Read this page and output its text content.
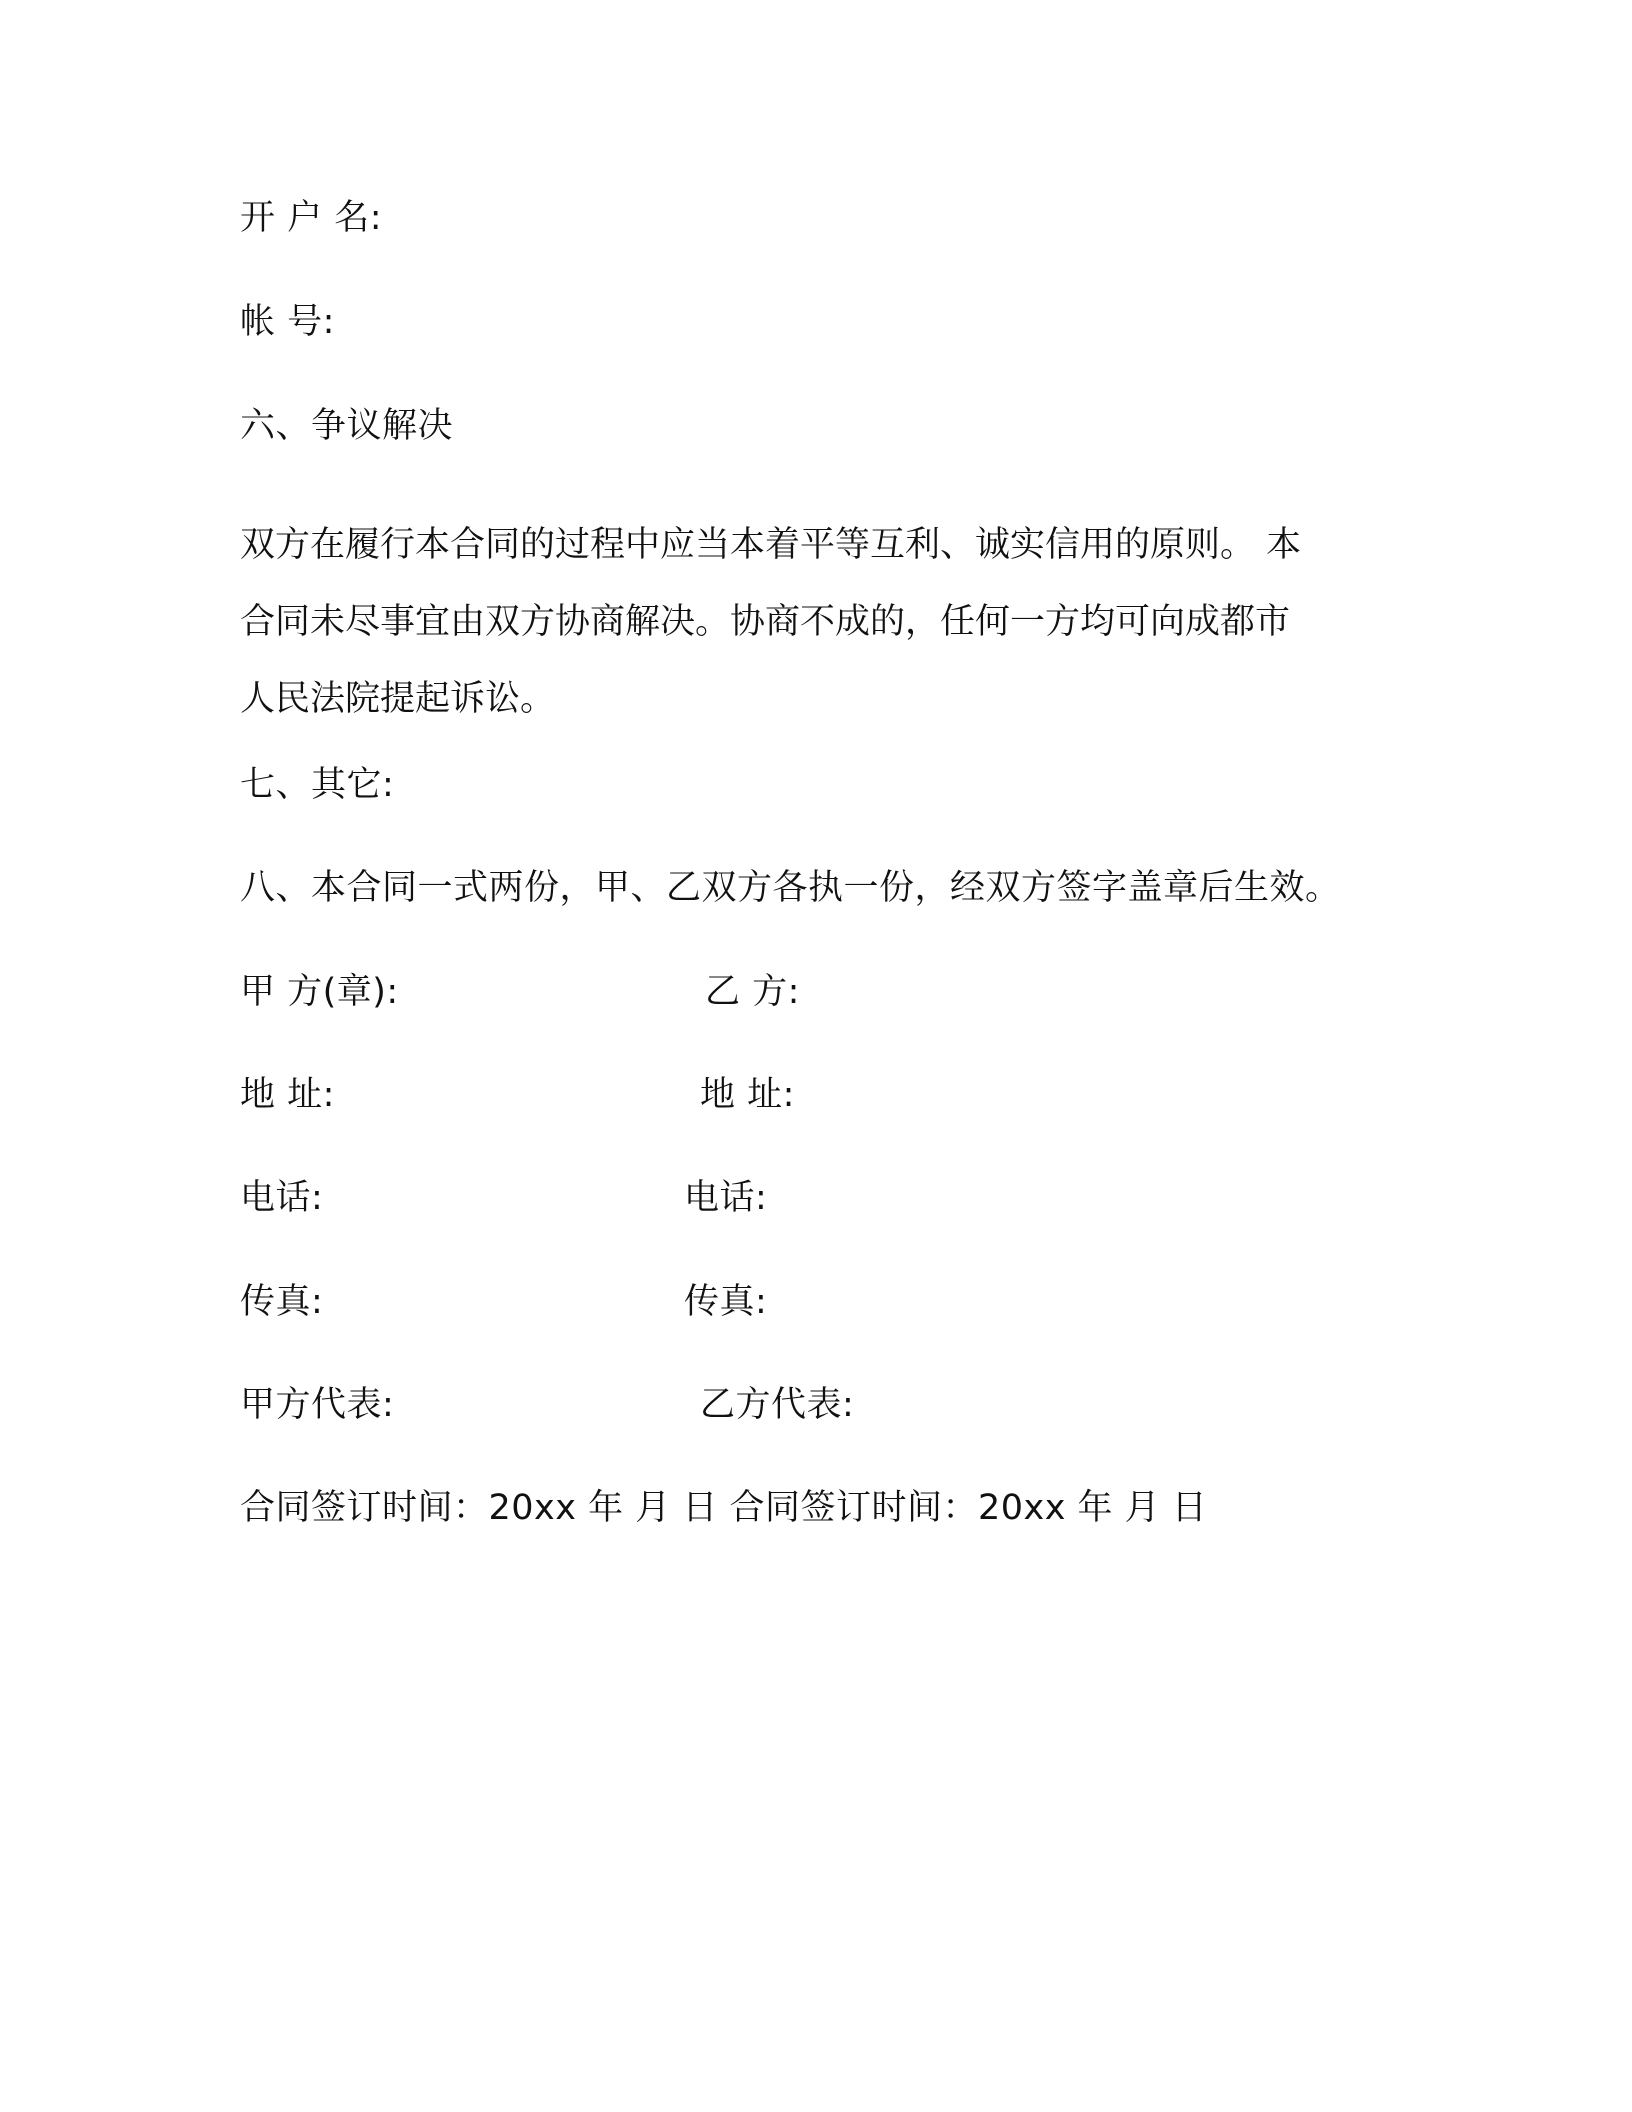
开 户 名:
帐 号:
六、争议解决
双方在履行本合同的过程中应当本着平等互利、诚实信用的原则。 本
合同未尽事宜由双方协商解决。协商不成的，任何一方均可向成都市
人民法院提起诉讼。
七、其它:
八、本合同一式两份，甲、乙双方各执一份，经双方签字盖章后生效。
甲 方(章):	乙 方:
地 址:	地 址:
电话:	电话:
传真:	传真:
甲方代表:	乙方代表:
合同签订时间：20xx 年 月 日 合同签订时间：20xx 年 月 日
